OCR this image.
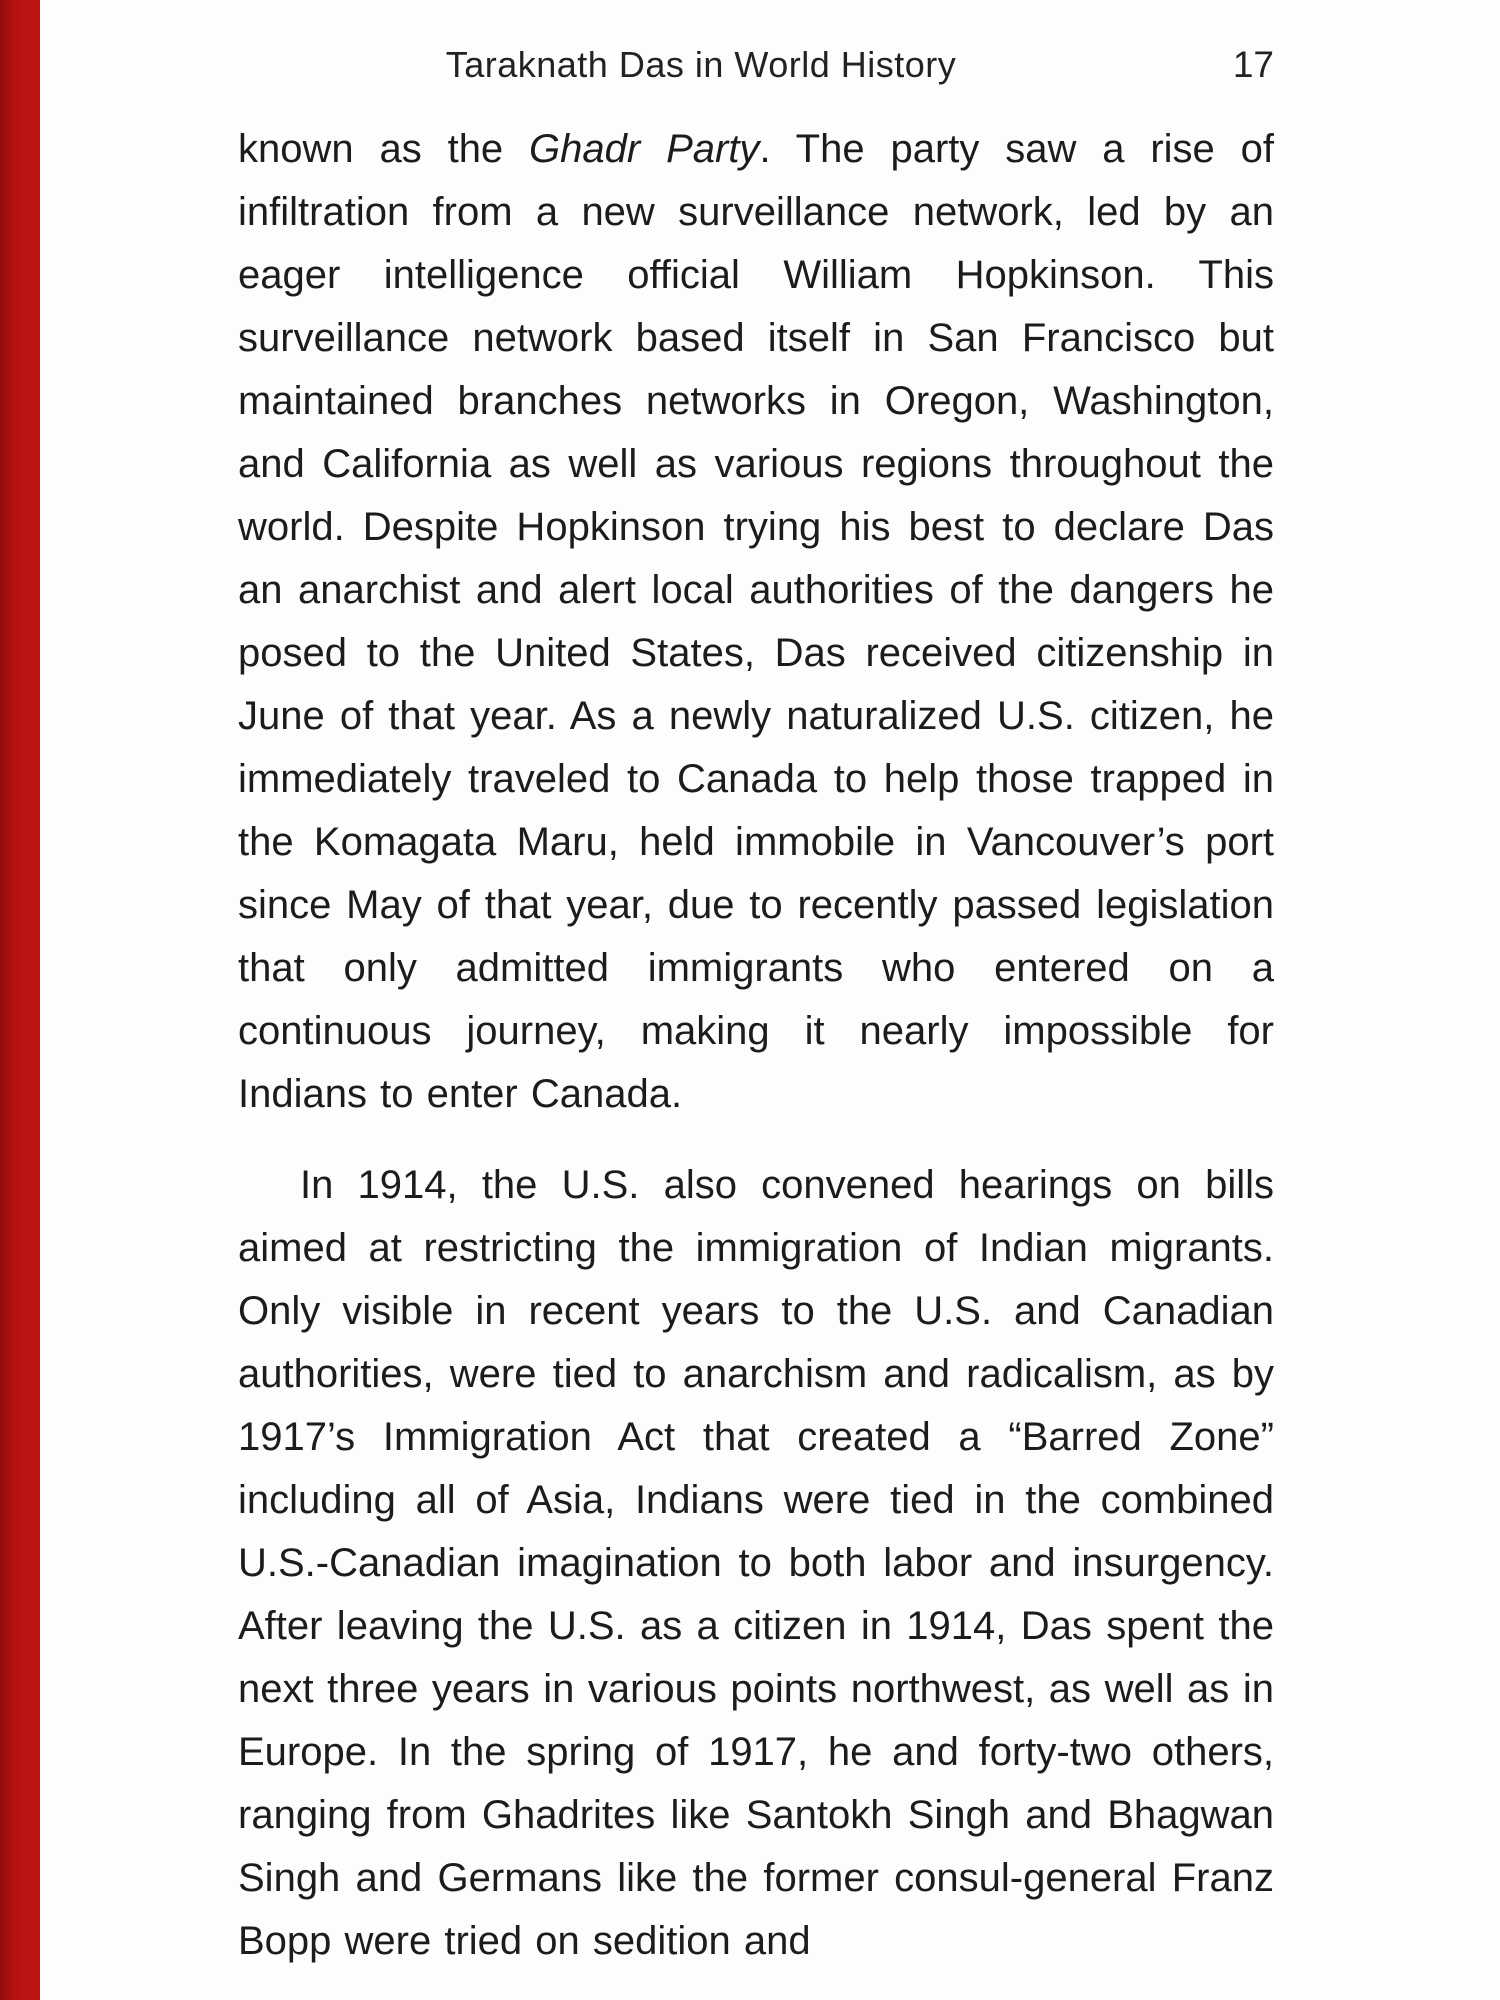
Taraknath Das in World History	17

known as the Ghadr Party. The party saw a rise of infiltration from a new surveillance network, led by an eager intelligence official William Hopkinson. This surveillance network based itself in San Francisco but maintained branches networks in Oregon, Washington, and California as well as various regions throughout the world. Despite Hopkinson trying his best to declare Das an anarchist and alert local authorities of the dangers he posed to the United States, Das received citizenship in June of that year. As a newly naturalized U.S. citizen, he immediately traveled to Canada to help those trapped in the Komagata Maru, held immobile in Vancouver’s port since May of that year, due to recently passed legislation that only admitted immigrants who entered on a continuous journey, making it nearly impossible for Indians to enter Canada.

In 1914, the U.S. also convened hearings on bills aimed at restricting the immigration of Indian migrants. Only visible in recent years to the U.S. and Canadian authorities, were tied to anarchism and radicalism, as by 1917’s Immigration Act that created a “Barred Zone” including all of Asia, Indians were tied in the combined U.S.-Canadian imagination to both labor and insurgency. After leaving the U.S. as a citizen in 1914, Das spent the next three years in various points northwest, as well as in Europe. In the spring of 1917, he and forty-two others, ranging from Ghadrites like Santokh Singh and Bhagwan Singh and Germans like the former consul-general Franz Bopp were tried on sedition and
